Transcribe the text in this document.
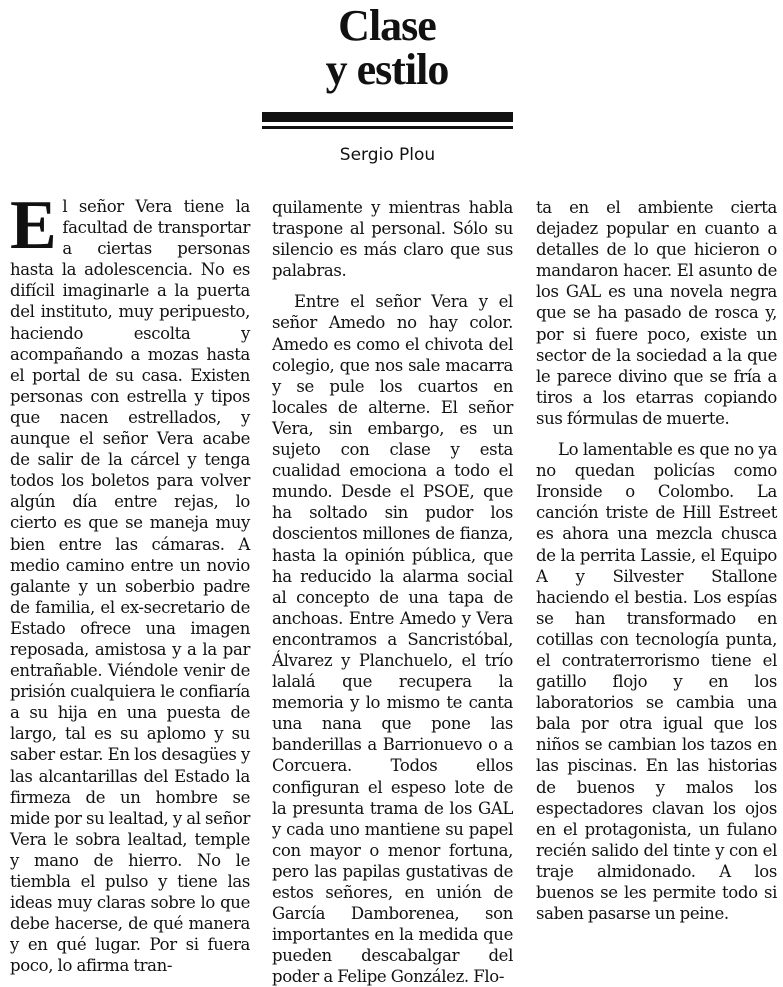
Clase
y estilo
Sergio Plou

El señor Vera tiene la facultad de transportar a ciertas personas hasta la adolescencia. No es difícil imaginarle a la puerta del instituto, muy peripuesto, haciendo escolta y acompañando a mozas hasta el portal de su casa. Existen personas con estrella y tipos que nacen estrellados, y aunque el señor Vera acabe de salir de la cárcel y tenga todos los boletos para volver algún día entre rejas, lo cierto es que se maneja muy bien entre las cámaras. A medio camino entre un novio galante y un soberbio padre de familia, el ex-secretario de Estado ofrece una imagen reposada, amistosa y a la par entrañable. Viéndole venir de prisión cualquiera le confiaría a su hija en una puesta de largo, tal es su aplomo y su saber estar. En los desagües y las alcantarillas del Estado la firmeza de un hombre se mide por su lealtad, y al señor Vera le sobra lealtad, temple y mano de hierro. No le tiembla el pulso y tiene las ideas muy claras sobre lo que debe hacerse, de qué manera y en qué lugar. Por si fuera poco, lo afirma tran-

quilamente y mientras habla traspone al personal. Sólo su silencio es más claro que sus palabras.

Entre el señor Vera y el señor Amedo no hay color. Amedo es como el chivota del colegio, que nos sale macarra y se pule los cuartos en locales de alterne. El señor Vera, sin embargo, es un sujeto con clase y esta cualidad emociona a todo el mundo. Desde el PSOE, que ha soltado sin pudor los doscientos millones de fianza, hasta la opinión pública, que ha reducido la alarma social al concepto de una tapa de anchoas. Entre Amedo y Vera encontramos a Sancristóbal, Álvarez y Planchuelo, el trío lalalá que recupera la memoria y lo mismo te canta una nana que pone las banderillas a Barrionuevo o a Corcuera. Todos ellos configuran el espeso lote de la presunta trama de los GAL y cada uno mantiene su papel con mayor o menor fortuna, pero las papilas gustativas de estos señores, en unión de García Damborenea, son importantes en la medida que pueden descabalgar del poder a Felipe González. Flo-

ta en el ambiente cierta dejadez popular en cuanto a detalles de lo que hicieron o mandaron hacer. El asunto de los GAL es una novela negra que se ha pasado de rosca y, por si fuere poco, existe un sector de la sociedad a la que le parece divino que se fría a tiros a los etarras copiando sus fórmulas de muerte.

Lo lamentable es que no ya no quedan policías como Ironside o Colombo. La canción triste de Hill Estreet es ahora una mezcla chusca de la perrita Lassie, el Equipo A y Silvester Stallone haciendo el bestia. Los espías se han transformado en cotillas con tecnología punta, el contraterrorismo tiene el gatillo flojo y en los laboratorios se cambia una bala por otra igual que los niños se cambian los tazos en las piscinas. En las historias de buenos y malos los espectadores clavan los ojos en el protagonista, un fulano recién salido del tinte y con el traje almidonado. A los buenos se les permite todo si saben pasarse un peine.
